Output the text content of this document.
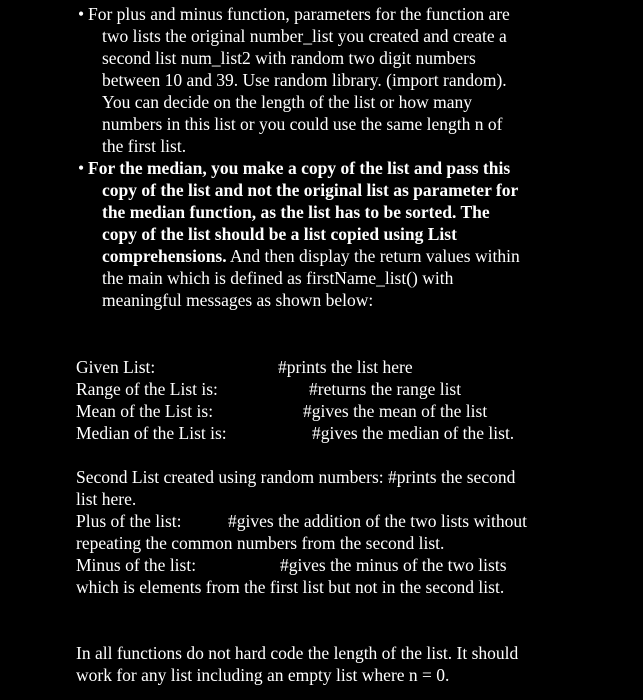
• For plus and minus function, parameters for the function are
two lists the original number_list you created and create a
second list num_list2 with random two digit numbers
between 10 and 39. Use random library. (import random).
You can decide on the length of the list or how many
numbers in this list or you could use the same length n of
the first list.
• For the median, you make a copy of the list and pass this
copy of the list and not the original list as parameter for
the median function, as the list has to be sorted. The
copy of the list should be a list copied using List
comprehensions. And then display the return values within
the main which is defined as firstName_list() with
meaningful messages as shown below:
Given List:	#prints the list here
Range of the List is:	#returns the range list
Mean of the List is:	#gives the mean of the list
Median of the List is:	#gives the median of the list.
Second List created using random numbers: #prints the second
list here.
Plus of the list:	#gives the addition of the two lists without
repeating the common numbers from the second list.
Minus of the list:	#gives the minus of the two lists
which is elements from the first list but not in the second list.
In all functions do not hard code the length of the list. It should
work for any list including an empty list where n = 0.
